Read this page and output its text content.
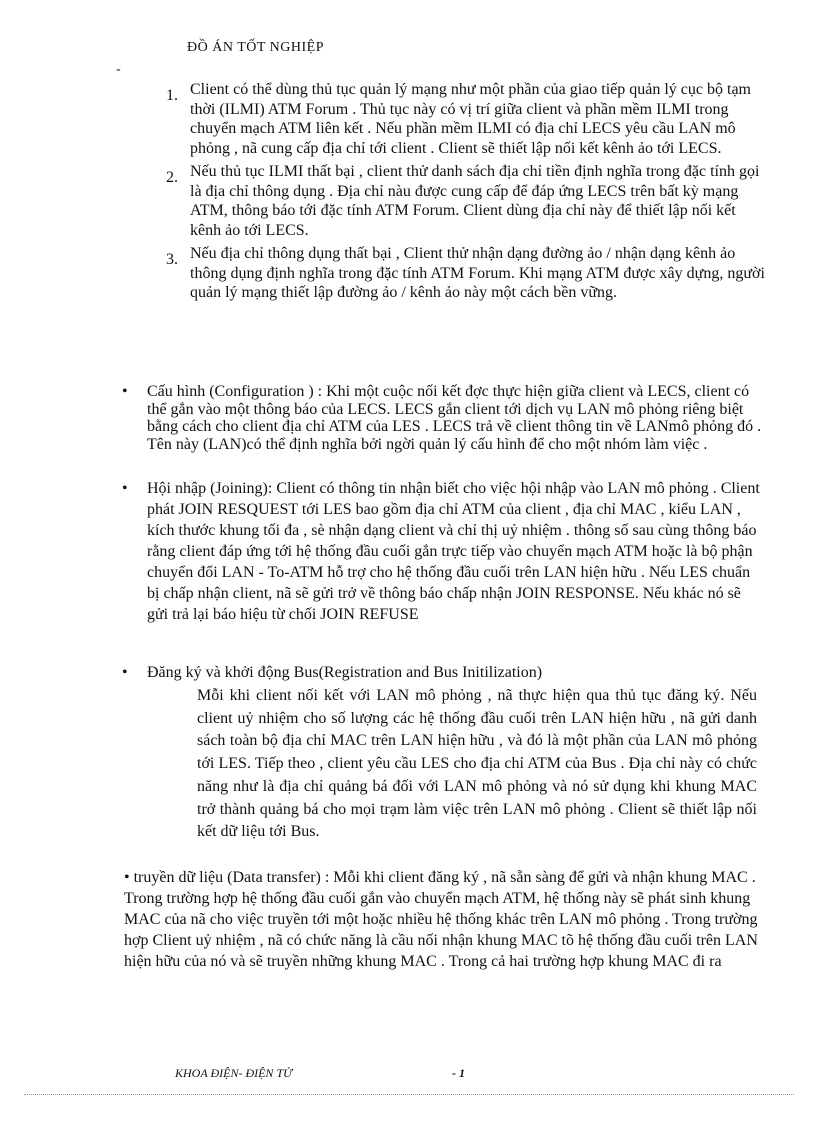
ĐỒ ÁN TỐT NGHIỆP
-
1. Client có thể dùng thủ tục quản lý mạng như một phần của giao tiếp quản lý cục bộ tạm thời (ILMI) ATM Forum . Thủ tục này có vị trí giữa client và phần mềm ILMI trong chuyển mạch ATM liên kết . Nếu phần mềm ILMI có địa chỉ LECS yêu cầu LAN mô phỏng , nã cung cấp địa chỉ tới client . Client sẽ thiết lập nối kết kênh ảo tới LECS.
2. Nếu thủ tục ILMI thất bại , client thử danh sách địa chỉ tiền định nghĩa trong đặc tính gọi là địa chỉ thông dụng . Địa chỉ nàu được cung cấp để đáp ứng LECS trên bất kỳ mạng ATM, thông báo tới đặc tính ATM Forum. Client dùng địa chỉ này để thiết lập nối kết kênh ảo tới LECS.
3. Nếu địa chỉ thông dụng thất bại , Client thử nhận dạng đường ảo / nhận dạng kênh ảo thông dụng định nghĩa trong đặc tính ATM Forum. Khi mạng ATM được xây dựng, người quản lý mạng thiết lập đường ảo / kênh ảo này một cách bền vững.
•	Cấu hình (Configuration ) : Khi một cuộc nối kết đợc thực hiện giữa client và LECS, client có thể gắn vào một thông báo của LECS. LECS gắn client tới dịch vụ LAN mô phỏng riêng biệt bằng cách cho client địa chỉ ATM của LES . LECS trả về client thông tin về LANmô phỏng đó . Tên này (LAN)có thể định nghĩa bởi ngời quản lý cấu hình để cho một nhóm làm việc .
•	Hội nhập (Joining): Client có thông tin nhận biết cho việc hội nhập vào LAN mô phỏng . Client phát JOIN RESQUEST tới LES bao gồm địa chỉ ATM của client , địa chỉ MAC , kiểu LAN , kích thước khung tối đa , sè nhận dạng client và chỉ thị uỷ nhiệm . thông số sau cùng thông báo rằng client đáp ứng tới hệ thống đầu cuối gắn trực tiếp vào chuyển mạch ATM hoặc là bộ phận chuyển đổi LAN - To-ATM hỗ trợ cho hệ thống đầu cuối trên LAN hiện hữu . Nếu LES chuẩn bị chấp nhận client, nã sẽ gửi trở về thông báo chấp nhận JOIN RESPONSE. Nếu khác nó sẽ gửi trả lại báo hiệu từ chối JOIN REFUSE
•	Đăng ký và khởi động Bus(Registration and Bus Initilization)
Mỗi khi client nối kết với LAN mô phỏng , nã thực hiện qua thủ tục đăng ký. Nếu client uỷ nhiệm cho số lượng các hệ thống đầu cuối trên LAN hiện hữu , nã gửi danh sách toàn bộ địa chỉ MAC trên LAN hiện hữu , và đó là một phần của LAN mô phỏng tới LES. Tiếp theo , client yêu cầu LES cho địa chỉ ATM của Bus . Địa chỉ này có chức năng như là địa chỉ quảng bá đối với LAN mô phỏng và nó sử dụng khi khung MAC trở thành quảng bá cho mọi trạm làm việc trên LAN mô phỏng . Client sẽ thiết lập nối kết dữ liệu tới Bus.
• truyền dữ liệu (Data transfer) : Mỗi khi client đăng ký , nã sẵn sàng để gửi và nhận khung MAC . Trong trường hợp hệ thống đầu cuối gắn vào chuyển mạch ATM, hệ thống này sẽ phát sinh khung MAC của nã cho việc truyền tới một hoặc nhiều hệ thống khác trên LAN mô phỏng . Trong trường hợp Client uỷ nhiệm , nã có chức năng là cầu nối nhận khung MAC tõ hệ thống đầu cuối trên LAN hiện hữu của nó và sẽ truyền những khung MAC . Trong cả hai trường hợp khung MAC đi ra
KHOA ĐIỆN- ĐIỆN TỬ	- 1
